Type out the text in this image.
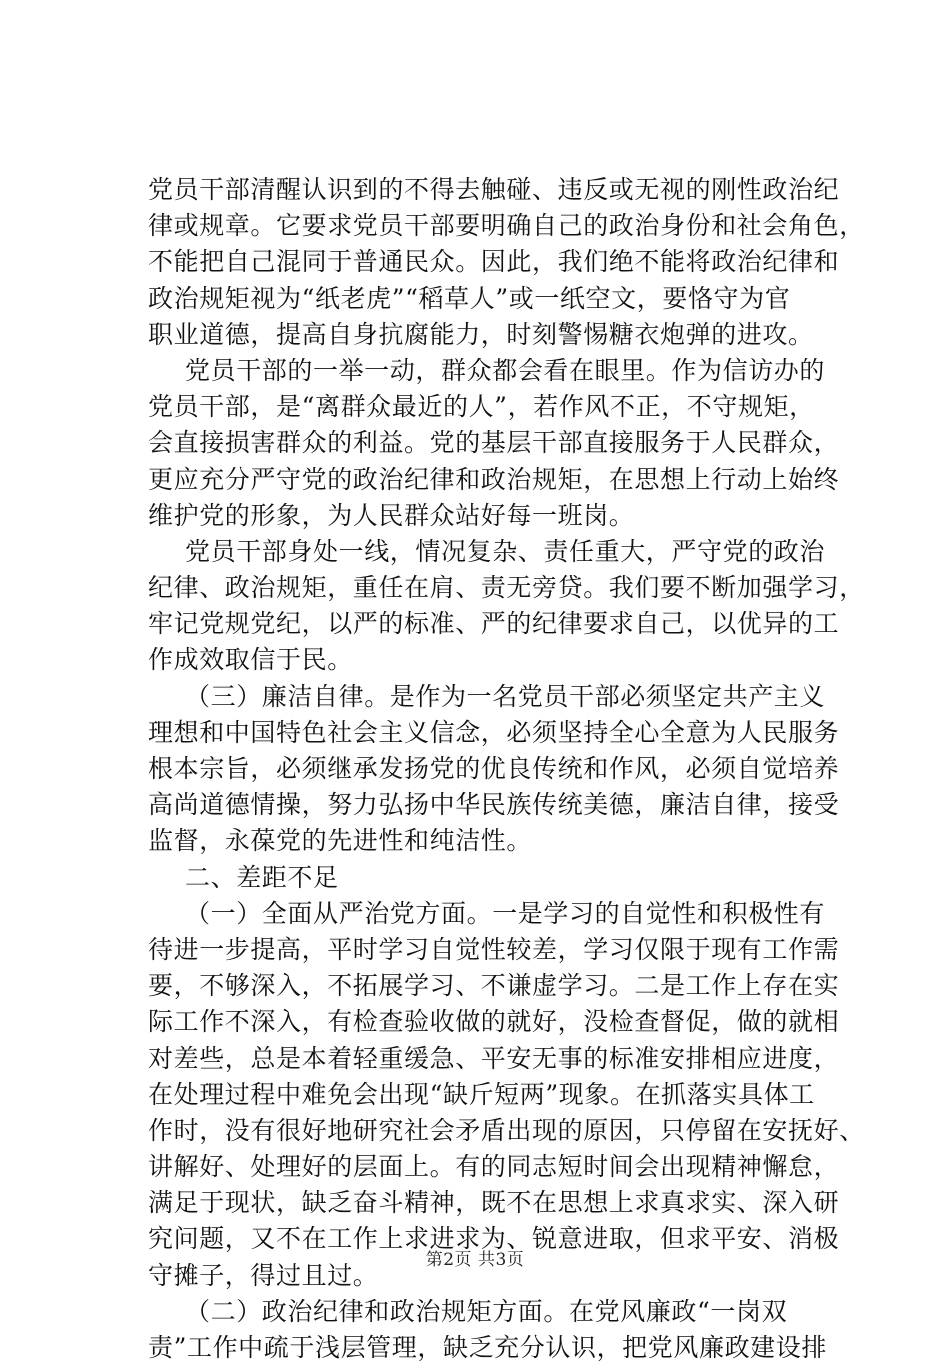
党员干部清醒认识到的不得去触碰、违反或无视的刚性政治纪
律或规章。它要求党员干部要明确自己的政治身份和社会角色，
不能把自己混同于普通民众。因此，我们绝不能将政治纪律和
政治规矩视为“纸老虎”“稻草人”或一纸空文，要恪守为官
职业道德，提高自身抗腐能力，时刻警惕糖衣炮弹的进攻。
党员干部的一举一动，群众都会看在眼里。作为信访办的
党员干部，是“离群众最近的人”，若作风不正，不守规矩，
会直接损害群众的利益。党的基层干部直接服务于人民群众，
更应充分严守党的政治纪律和政治规矩，在思想上行动上始终
维护党的形象，为人民群众站好每一班岗。
党员干部身处一线，情况复杂、责任重大，严守党的政治
纪律、政治规矩，重任在肩、责无旁贷。我们要不断加强学习，
牢记党规党纪，以严的标准、严的纪律要求自己，以优异的工
作成效取信于民。
（三）廉洁自律。是作为一名党员干部必须坚定共产主义
理想和中国特色社会主义信念，必须坚持全心全意为人民服务
根本宗旨，必须继承发扬党的优良传统和作风，必须自觉培养
高尚道德情操，努力弘扬中华民族传统美德，廉洁自律，接受
监督，永葆党的先进性和纯洁性。
二、差距不足
（一）全面从严治党方面。一是学习的自觉性和积极性有
待进一步提高，平时学习自觉性较差，学习仅限于现有工作需
要，不够深入，不拓展学习、不谦虚学习。二是工作上存在实
际工作不深入，有检查验收做的就好，没检查督促，做的就相
对差些，总是本着轻重缓急、平安无事的标准安排相应进度，
在处理过程中难免会出现“缺斤短两”现象。在抓落实具体工
作时，没有很好地研究社会矛盾出现的原因，只停留在安抚好、
讲解好、处理好的层面上。有的同志短时间会出现精神懈怠，
满足于现状，缺乏奋斗精神，既不在思想上求真求实、深入研
究问题，又不在工作上求进求为、锐意进取，但求平安、消极
守摊子，得过且过。
（二）政治纪律和政治规矩方面。在党风廉政“一岗双
责”工作中疏于浅层管理，缺乏充分认识，把党风廉政建设排
第2页 共3页
